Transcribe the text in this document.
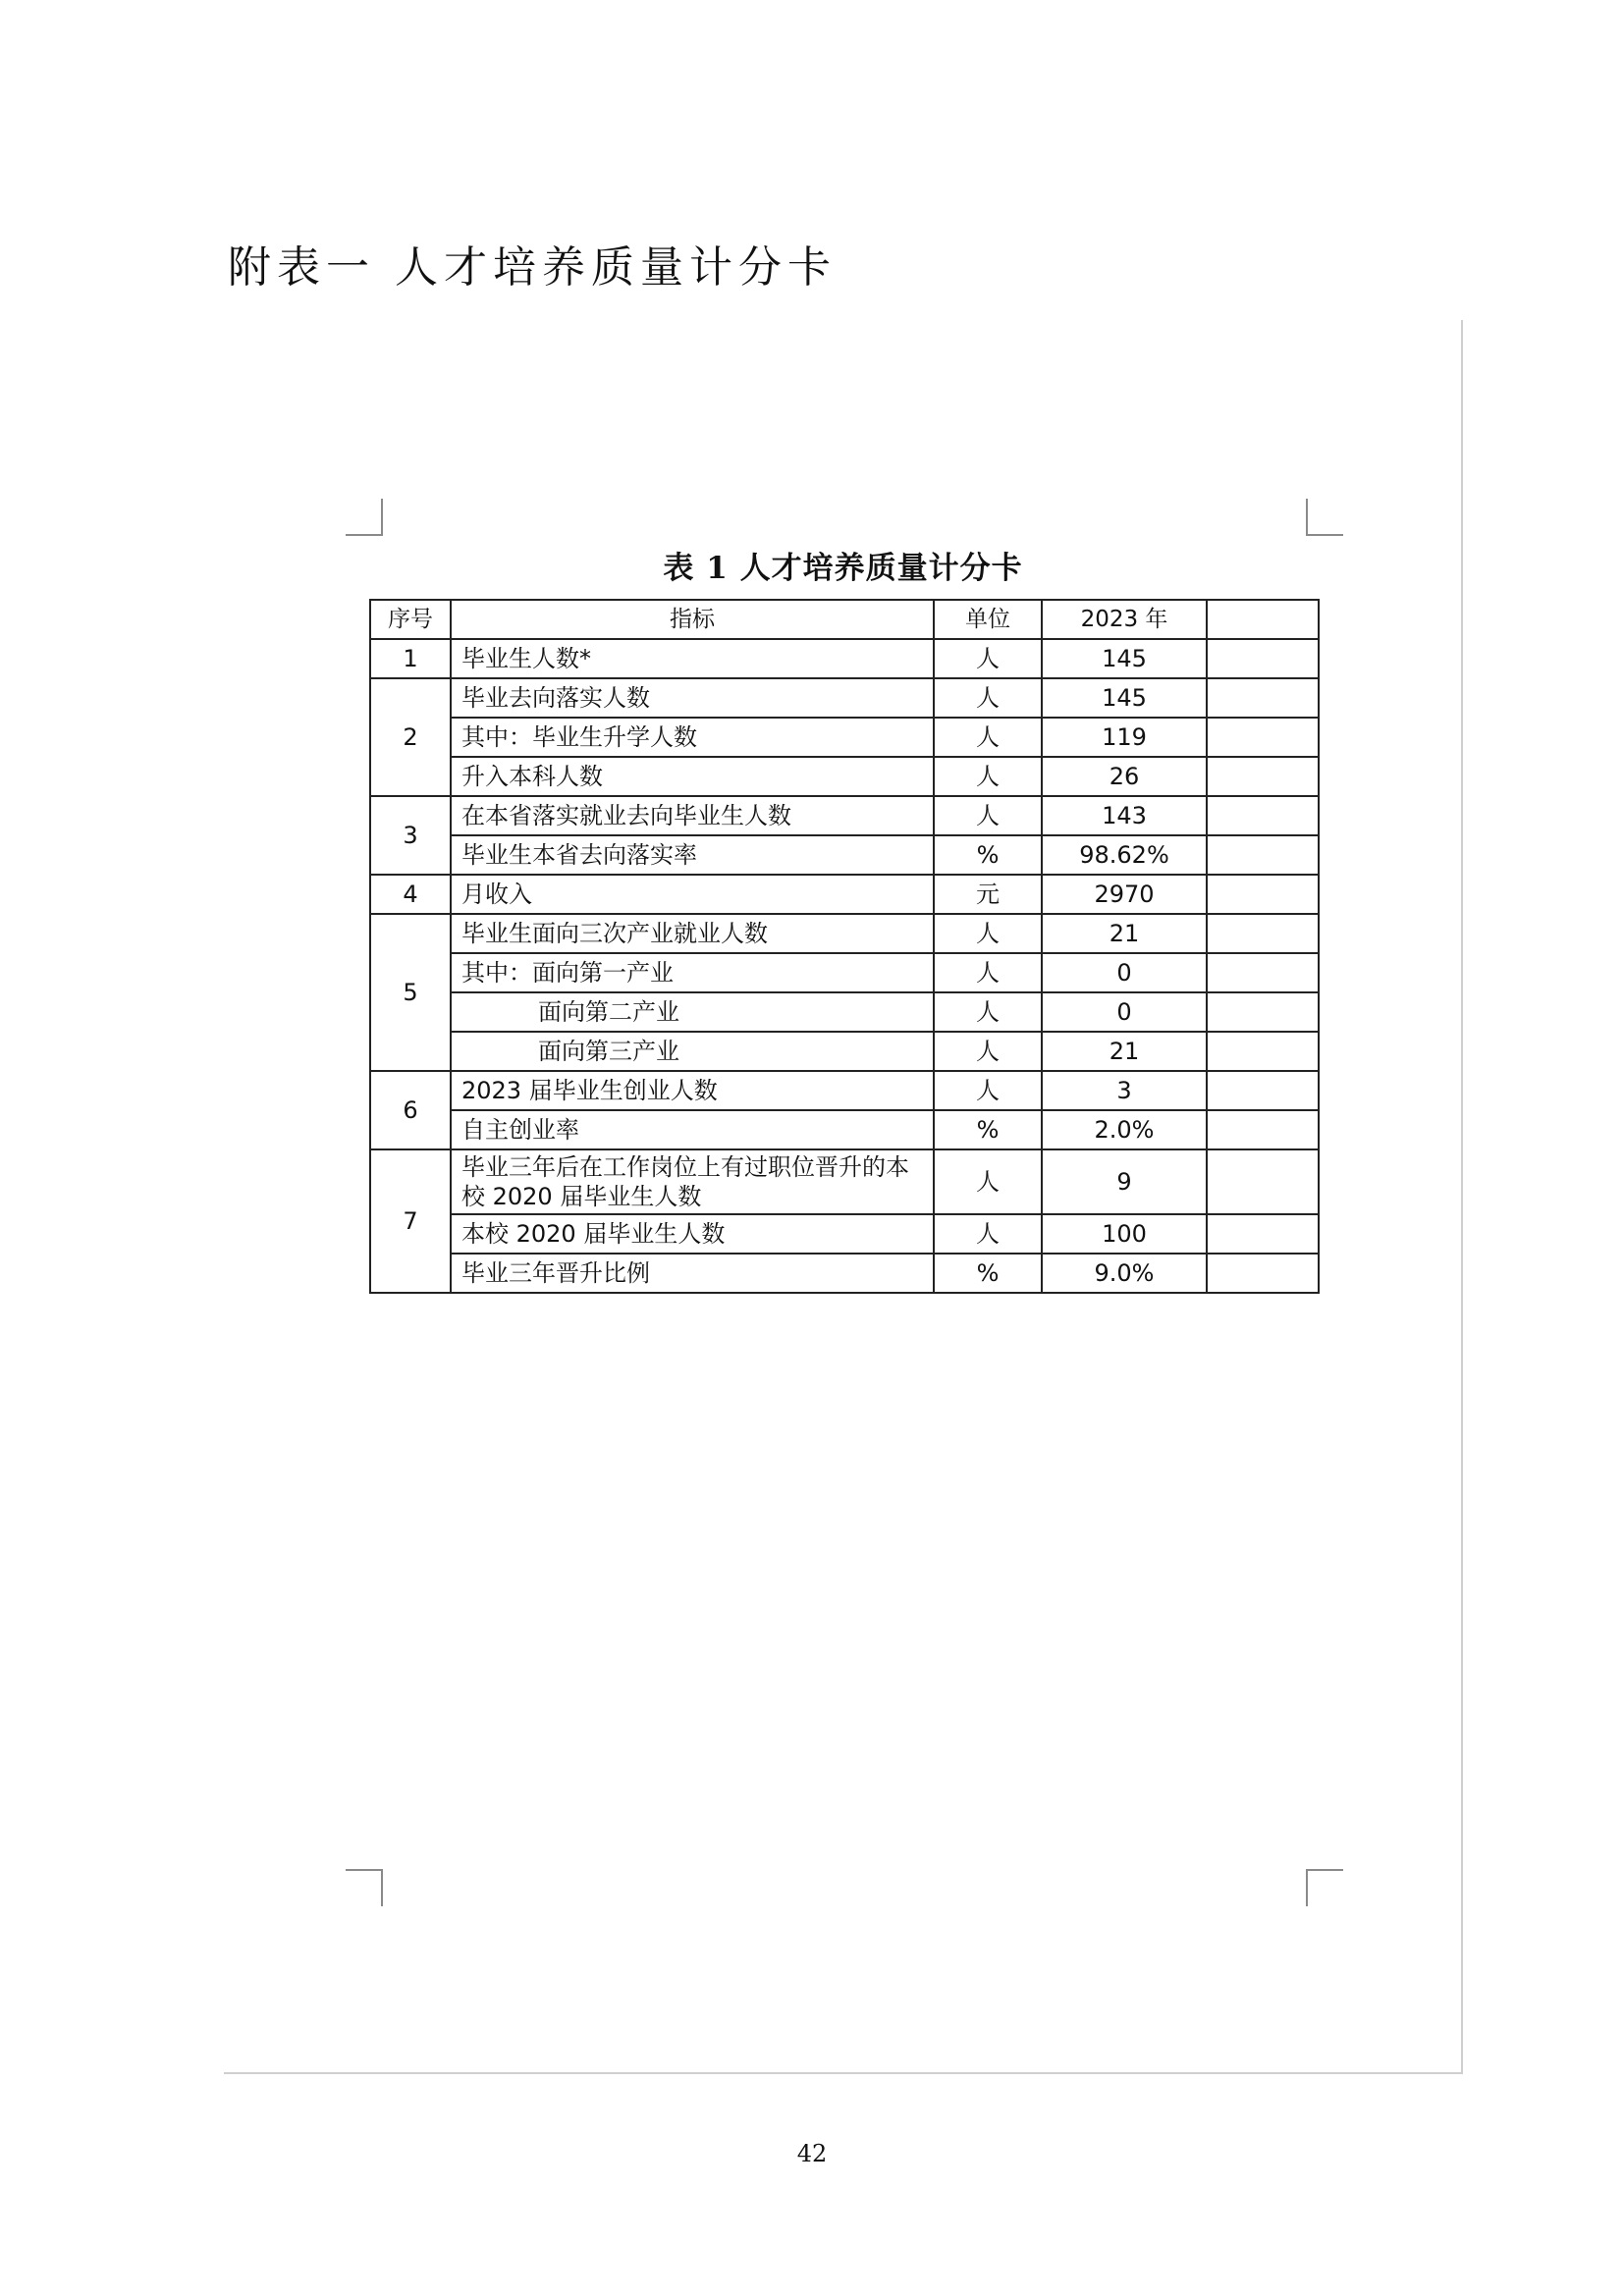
附表一 人才培养质量计分卡
表 1 人才培养质量计分卡
序号	指标	单位	2023 年	
1	毕业生人数*	人	145	
2	毕业去向落实人数	人	145	
	其中：毕业生升学人数	人	119	
	升入本科人数	人	26	
3	在本省落实就业去向毕业生人数	人	143	
	毕业生本省去向落实率	%	98.62%	
4	月收入	元	2970	
5	毕业生面向三次产业就业人数	人	21	
	其中：面向第一产业	人	0	
	面向第二产业	人	0	
	面向第三产业	人	21	
6	2023 届毕业生创业人数	人	3	
	自主创业率	%	2.0%	
7	毕业三年后在工作岗位上有过职位晋升的本校 2020 届毕业生人数	人	9	
	本校 2020 届毕业生人数	人	100	
	毕业三年晋升比例	%	9.0%	
42
